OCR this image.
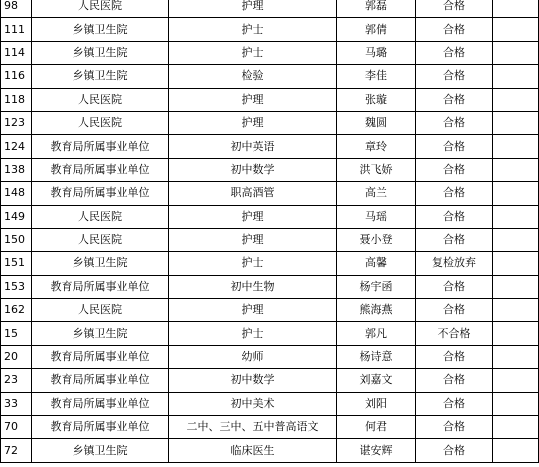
98	人民医院	护理	郭磊	合格	
111	乡镇卫生院	护士	郭倩	合格	
114	乡镇卫生院	护士	马璐	合格	
116	乡镇卫生院	检验	李佳	合格	
118	人民医院	护理	张璇	合格	
123	人民医院	护理	魏圆	合格	
124	教育局所属事业单位	初中英语	章玲	合格	
138	教育局所属事业单位	初中数学	洪飞娇	合格	
148	教育局所属事业单位	职高酒管	高兰	合格	
149	人民医院	护理	马瑶	合格	
150	人民医院	护理	聂小登	合格	
151	乡镇卫生院	护士	高馨	复检放弃	
153	教育局所属事业单位	初中生物	杨宇函	合格	
162	人民医院	护理	熊海燕	合格	
15	乡镇卫生院	护士	郭凡	不合格	
20	教育局所属事业单位	幼师	杨诗意	合格	
23	教育局所属事业单位	初中数学	刘嘉文	合格	
33	教育局所属事业单位	初中美术	刘阳	合格	
70	教育局所属事业单位	二中、三中、五中普高语文	何君	合格	
72	乡镇卫生院	临床医生	谌安辉	合格	
